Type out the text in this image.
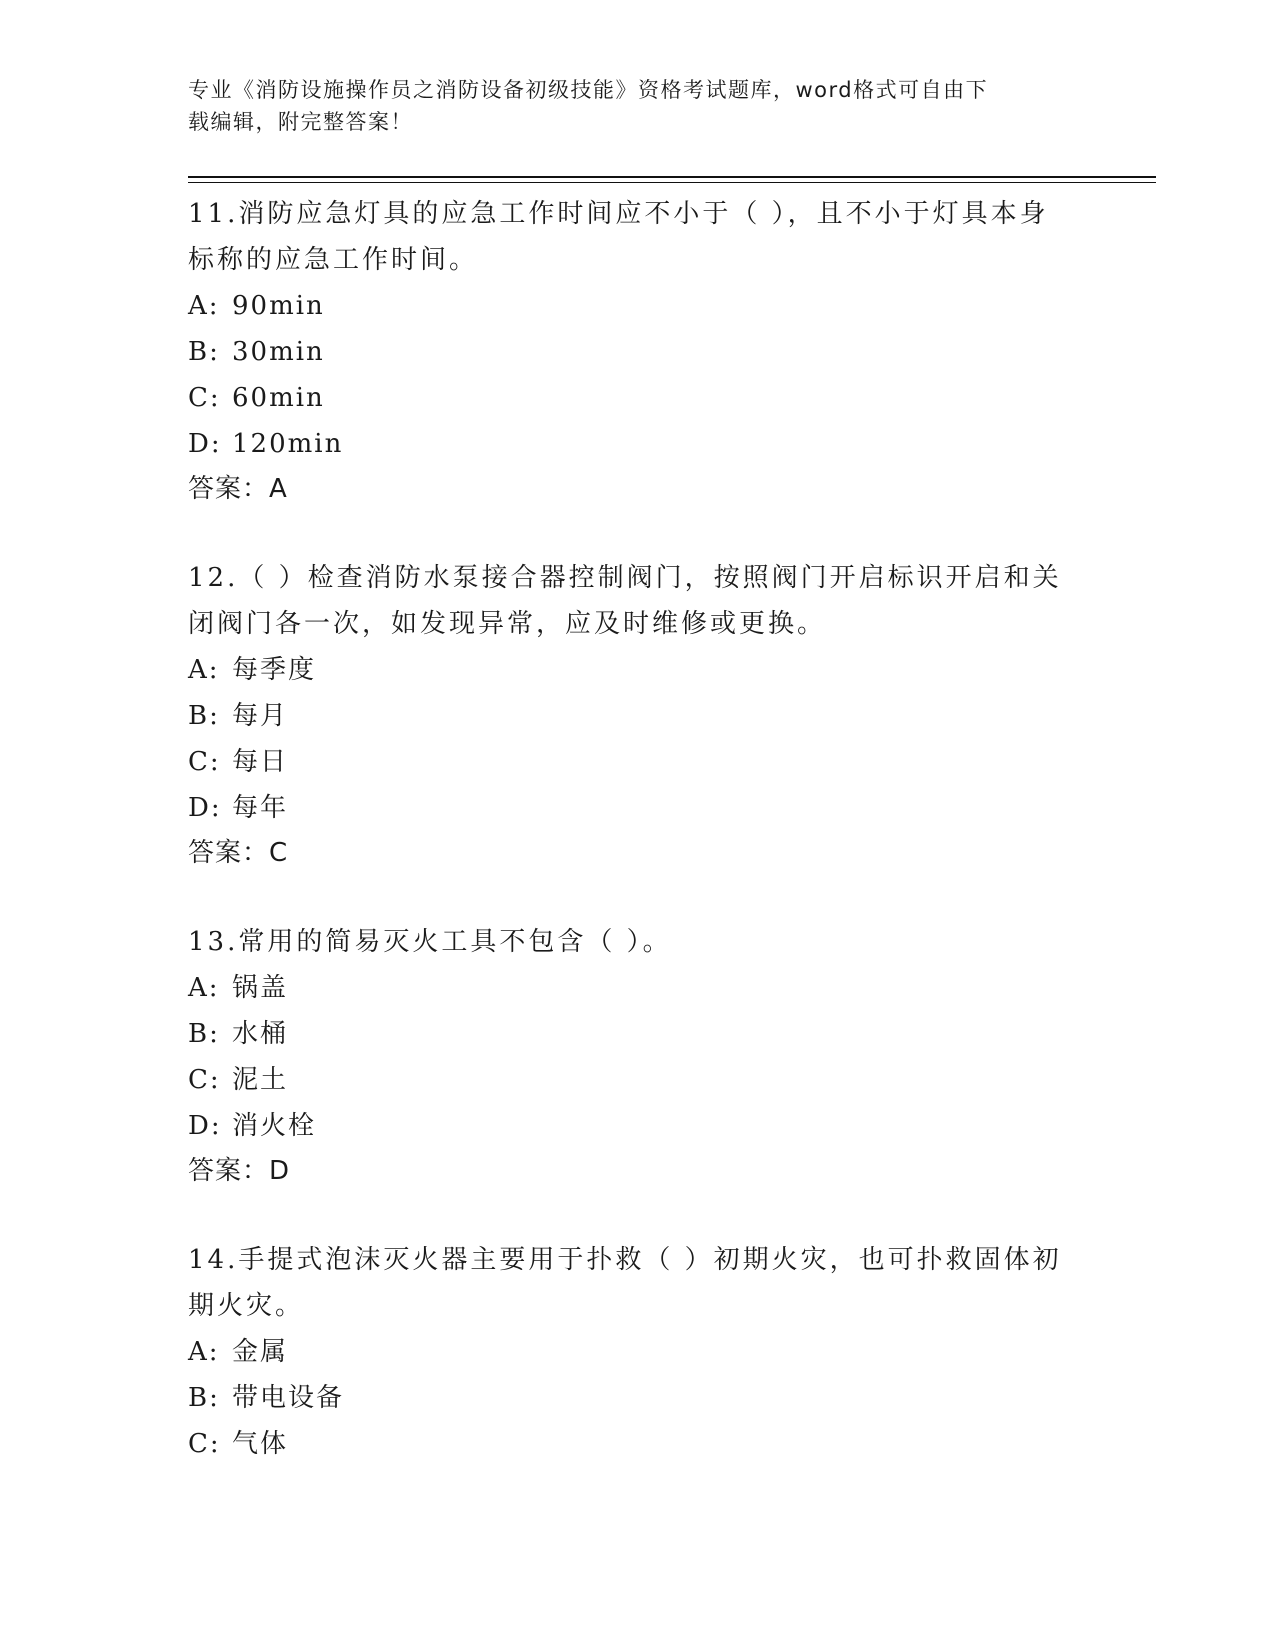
专业《消防设施操作员之消防设备初级技能》资格考试题库，word格式可自由下
载编辑，附完整答案！
11.消防应急灯具的应急工作时间应不小于（ ），且不小于灯具本身
标称的应急工作时间。
A: 90min
B: 30min
C: 60min
D: 120min
答案：A
12.（ ）检查消防水泵接合器控制阀门，按照阀门开启标识开启和关
闭阀门各一次，如发现异常，应及时维修或更换。
A: 每季度
B: 每月
C: 每日
D: 每年
答案：C
13.常用的简易灭火工具不包含（ ）。
A: 锅盖
B: 水桶
C: 泥土
D: 消火栓
答案：D
14.手提式泡沫灭火器主要用于扑救（ ）初期火灾，也可扑救固体初
期火灾。
A: 金属
B: 带电设备
C: 气体
